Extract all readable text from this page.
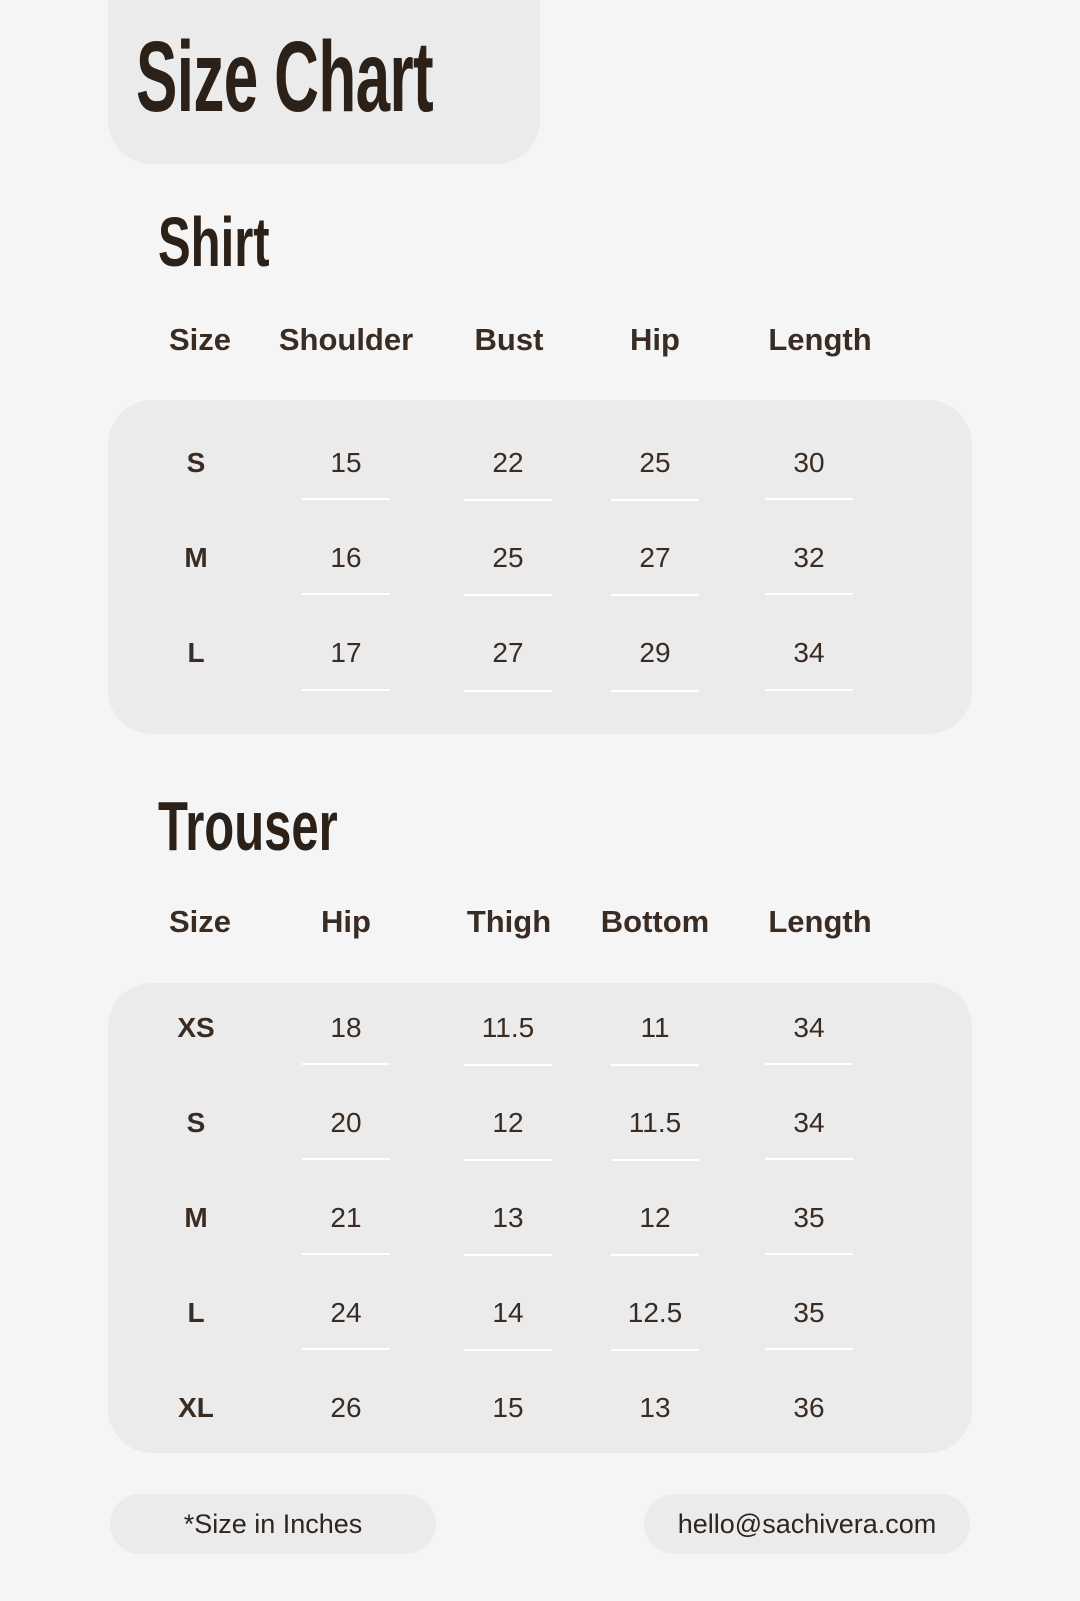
Size Chart
Shirt
Size	Shoulder	Bust	Hip	Length
S	15	22	25	30
M	16	25	27	32
L	17	27	29	34
Trouser
Size	Hip	Thigh	Bottom	Length
XS	18	11.5	11	34
S	20	12	11.5	34
M	21	13	12	35
L	24	14	12.5	35
XL	26	15	13	36
*Size in Inches	hello@sachivera.com
